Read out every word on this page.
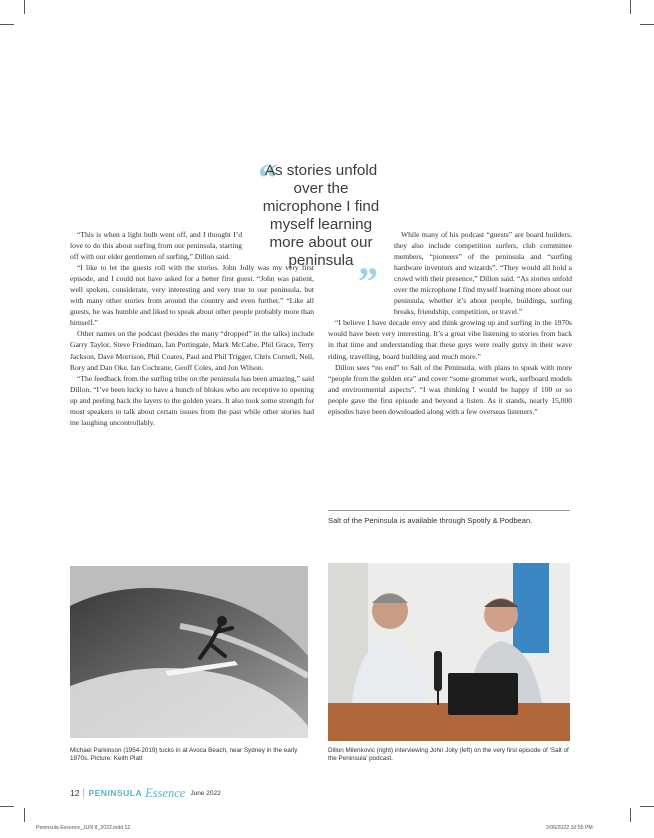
“
As stories unfold over the microphone I find myself learning more about our peninsula ”

“This is when a light bulb went off, and I thought I’d love to do this about surfing from our peninsula, starting off with our elder gentlemen of surfing,” Dillon said.

“I like to let the guests roll with the stories. John Jolly was my very first episode, and I could not have asked for a better first guest. “John was patient, well spoken, considerate, very interesting and very true to our peninsula, but with many other stories from around the country and even further.” “Like all guests, he was humble and liked to speak about other people probably more than himself.”

Other names on the podcast (besides the many “dropped” in the talks) include Garry Taylor, Steve Friedman, Ian Portingale, Mark McCabe, Phil Grace, Terry Jackson, Dave Morrison, Phil Coates, Paul and Phil Trigger, Chris Cornell, Neil, Rory and Dan Oke, Ian Cochrane, Geoff Coles, and Jon Wilson.

“The feedback from the surfing tribe on the peninsula has been amazing,” said Dillon. “I’ve been lucky to have a bunch of blokes who are receptive to opening up and peeling back the layers to the golden years. It also took some strength for most speakers to talk about certain issues from the past while other stories had me laughing uncontrollably.

While many of his podcast “guests” are board builders, they also include competition surfers, club committee members, “pioneers” of the peninsula and “surfing hardware inventors and wizards”. “They would all hold a crowd with their presence,” Dillon said. “As stories unfold over the microphone I find myself learning more about our peninsula, whether it’s about people, buildings, surfing breaks, friendship, competition, or travel.”

“I believe I have decade envy and think growing up and surfing in the 1970s would have been very interesting. It’s a great vibe listening to stories from back in that time and understanding that these guys were really gutsy in their wave riding, travelling, board building and much more.”

Dillon sees “no end” to Salt of the Peninsula, with plans to speak with more “people from the golden era” and cover “some grommet work, surfboard models and environmental aspects”. “I was thinking I would be happy if 100 or so people gave the first episode and beyond a listen. As it stands, nearly 15,000 episodes have been downloaded along with a few overseas listeners.”

Salt of the Peninsula is available through Spotify & Podbean.
Michael Parkinson (1954-2019) tucks in at Avoca Beach, near Sydney in the early 1970s. Picture: Keith Platt
Dillon Milenkovic (right) interviewing John Jolly (left) on the very first episode of ‘Salt of the Peninsula’ podcast.
12 PENINSULA Essence June 2022
Peninsula Essence_JUN 8_2022.indd 12	2/06/2022 10:55 PM
